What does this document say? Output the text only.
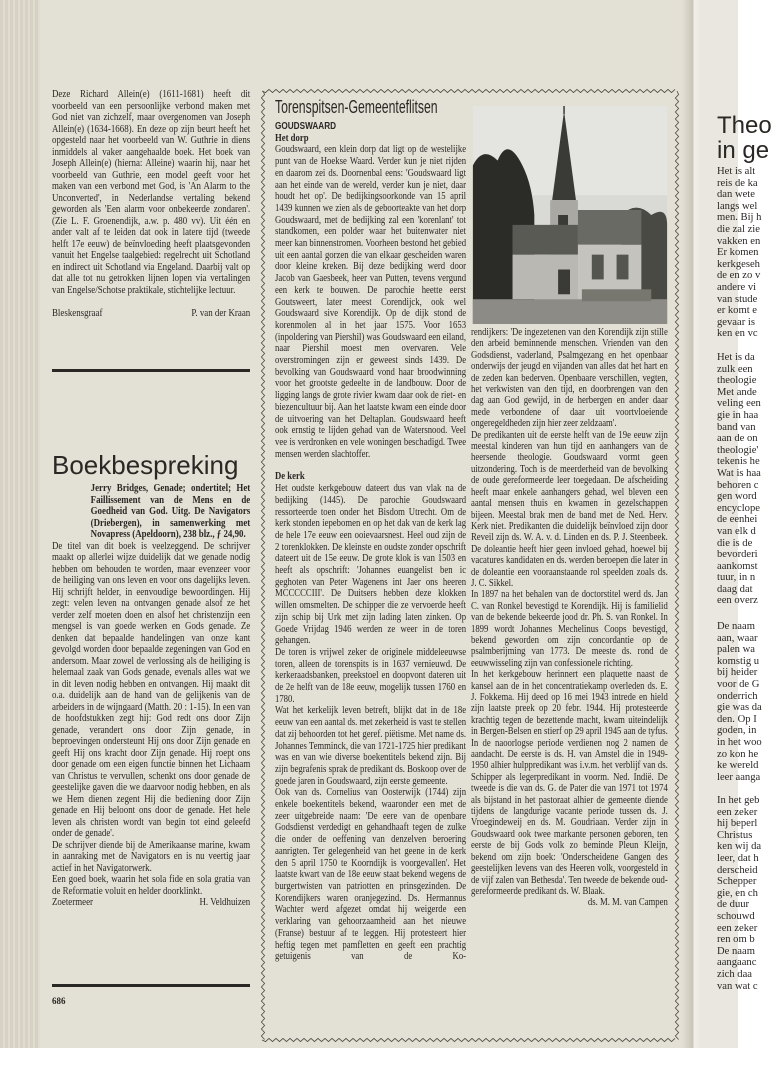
Deze Richard Allein(e) (1611-1681) heeft dit voorbeeld van een persoonlijke verbond maken met God niet van zichzelf, maar overgenomen van Joseph Allein(e) (1634-1668). En deze op zijn beurt heeft het opgesteld naar het voorbeeld van W. Guthrie in diens inmiddels al vaker aangehaalde boek. Het boek van Joseph Allein(e) (hierna: Alleine) waarin hij, naar het voorbeeld van Guthrie, een model geeft voor het maken van een verbond met God, is 'An Alarm to the Unconverted', in Nederlandse vertaling bekend geworden als 'Een alarm voor onbekeerde zondaren'. (Zie L. F. Groenendijk, a.w. p. 480 vv). Uit één en ander valt af te leiden dat ook in latere tijd (tweede helft 17e eeuw) de beïnvloeding heeft plaatsgevonden vanuit het Engelse taalgebied: regelrecht uit Schotland en indirect uit Schotland via Engeland. Daarbij valt op dat alle tot nu getrokken lijnen lopen via vertalingen van Engelse/Schotse praktikale, stichtelijke lectuur.

Bleskensgraaf	P. van der Kraan
Boekbespreking

Jerry Bridges, Genade; ondertitel; Het Faillissement van de Mens en de Goedheid van God. Uitg. De Navigators (Driebergen), in samenwerking met Novapress (Apeldoorn), 238 blz., ƒ 24,90.

De titel van dit boek is veelzeggend. De schrijver maakt op allerlei wijze duidelijk dat we genade nodig hebben om behouden te worden, maar evenzeer voor de heiliging van ons leven en voor ons dagelijks leven. Hij schrijft helder, in eenvoudige bewoordingen. Hij zegt: velen leven na ontvangen genade alsof ze het verder zelf moeten doen en alsof het christenzijn een mengsel is van goede werken en Gods genade. Ze denken dat bepaalde handelingen van onze kant gevolgd worden door bepaalde zegeningen van God en andersom. Maar zowel de verlossing als de heiliging is helemaal zaak van Gods genade, evenals alles wat we in dit leven nodig hebben en ontvangen. Hij maakt dit o.a. duidelijk aan de hand van de gelijkenis van de arbeiders in de wijngaard (Matth. 20 : 1-15). In een van de hoofdstukken zegt hij: God redt ons door Zijn genade, verandert ons door Zijn genade, in beproevingen ondersteunt Hij ons door Zijn genade en geeft Hij ons kracht door Zijn genade. Hij roept ons door genade om een eigen functie binnen het Lichaam van Christus te vervullen, schenkt ons door genade de geestelijke gaven die we daarvoor nodig hebben, en als we Hem dienen zegent Hij die bediening door Zijn genade en Hij beloont ons door de genade. Het hele leven als christen wordt van begin tot eind geleefd onder de genade'.

De schrijver diende bij de Amerikaanse marine, kwam in aanraking met de Navigators en is nu veertig jaar actief in het Navigatorwerk.

Een goed boek, waarin het sola fide en sola gratia van de Reformatie voluit en helder doorklinkt.

Zoetermeer	H. Veldhuizen
686
Torenspitsen-Gemeenteflitsen
GOUDSWAARD
Het dorp

Goudswaard, een klein dorp dat ligt op de westelijke punt van de Hoekse Waard. Verder kun je niet rijden en daarom zei ds. Doornenbal eens: 'Goudswaard ligt aan het einde van de wereld, verder kun je niet, daar houdt het op'. De bedijkingsoorkonde van 15 april 1439 kunnen we zien als de geboorteakte van het dorp Goudswaard, met de bedijking zal een 'korenlant' tot standkomen, een polder waar het buitenwater niet meer kan binnenstromen. Voorheen bestond het gebied uit een aantal gorzen die van elkaar gescheiden waren door kleine kreken. Bij deze bedijking werd door Jacob van Gaesbeek, heer van Putten, tevens vergund een kerk te bouwen. De parochie heette eerst Goutsweert, later meest Corendijck, ook wel Goudswaard sive Korendijk. Op de dijk stond de korenmolen al in het jaar 1575. Voor 1653 (inpoldering van Piershil) was Goudswaard een eiland, naar Piershil moest men overvaren. Vele overstromingen zijn er geweest sinds 1439. De bevolking van Goudswaard vond haar broodwinning voor het grootste gedeelte in de landbouw. Door de ligging langs de grote rivier kwam daar ook de riet- en biezencultuur bij. Aan het laatste kwam een einde door de uitvoering van het Deltaplan. Goudswaard heeft ook ernstig te lijden gehad van de Watersnood. Veel vee is verdronken en vele woningen beschadigd. Twee mensen werden slachtoffer.

De kerk

Het oudste kerkgebouw dateert dus van vlak na de bedijking (1445). De parochie Goudswaard ressorteerde toen onder het Bisdom Utrecht. Om de kerk stonden iepebomen en op het dak van de kerk lag de hele 17e eeuw een ooievaarsnest. Heel oud zijn de 2 torenklokken. De kleinste en oudste zonder opschrift dateert uit de 15e eeuw. De grote klok is van 1503 en heeft als opschrift: 'Johannes euangelist ben ic geghoten van Peter Wagenens int Jaer ons heeren MCCCCCIII'. De Duitsers hebben deze klokken willen omsmelten. De schipper die ze vervoerde heeft zijn schip bij Urk met zijn lading laten zinken. Op Goede Vrijdag 1946 werden ze weer in de toren gehangen.

De toren is vrijwel zeker de originele middeleeuwse toren, alleen de torenspits is in 1637 vernieuwd. De kerkeraadsbanken, preekstoel en doopvont dateren uit de 2e helft van de 18e eeuw, mogelijk tussen 1760 en 1780.

Wat het kerkelijk leven betreft, blijkt dat in de 18e eeuw van een aantal ds. met zekerheid is vast te stellen dat zij behoorden tot het geref. piëtisme. Met name ds. Johannes Temminck, die van 1721-1725 hier predikant was en van wie diverse boekentitels bekend zijn. Bij zijn begrafenis sprak de predikant ds. Boskoop over de goede jaren in Goudswaard, zijn eerste gemeente.

Ook van ds. Cornelius van Oosterwijk (1744) zijn enkele boekentitels bekend, waaronder een met de zeer uitgebreide naam: 'De eere van de openbare Godsdienst verdedigt en gehandhaaft tegen de zulke die onder de oeffening van denzelven beroering aanrigten. Ter gelegenheid van het geene in de kerk den 5 april 1750 te Koorndijk is voorgevallen'. Het laatste kwart van de 18e eeuw staat bekend wegens de burgertwisten van patriotten en prinsgezinden. De Korendijkers waren oranjegezind. Ds. Hermannus Wachter werd afgezet omdat hij weigerde een verklaring van gehoorzaamheid aan het nieuwe (Franse) bestuur af te leggen. Hij protesteert hier heftig tegen met pamfletten en geeft een prachtig getuigenis van de Ko-

rendijkers: 'De ingezetenen van den Korendijk zijn stille den arbeid beminnende menschen. Vrienden van den Godsdienst, vaderland, Psalmgezang en het openbaar onderwijs der jeugd en vijanden van alles dat het hart en de zeden kan bederven. Openbaare verschillen, vegten, het verkwisten van den tijd, en doorbrengen van den dag aan God gewijd, in de herbergen en ander daar mede verbondene of daar uit voortvloeiende ongeregeldheden zijn hier zeer zeldzaam'.

De predikanten uit de eerste helft van de 19e eeuw zijn meestal kinderen van hun tijd en aanhangers van de heersende theologie. Goudswaard vormt geen uitzondering. Toch is de meerderheid van de bevolking de oude gereformeerde leer toegedaan. De afscheiding heeft maar enkele aanhangers gehad, wel bleven een aantal mensen thuis en kwamen in gezelschappen bijeen. Meestal brak men de band met de Ned. Herv. Kerk niet. Predikanten die duidelijk beïnvloed zijn door Reveil zijn ds. W. A. v. d. Linden en ds. P. J. Steenbeek. De doleantie heeft hier geen invloed gehad, hoewel bij vacatures kandidaten en ds. werden beroepen die later in de doleantie een vooraanstaande rol speelden zoals ds. J. C. Sikkel.

In 1897 na het behalen van de doctorstitel werd ds. Jan C. van Ronkel bevestigd te Korendijk. Hij is familielid van de bekende bekeerde jood dr. Ph. S. van Ronkel. In 1899 wordt Johannes Mechelinus Coops bevestigd, bekend geworden om zijn concordantie op de psalmberijming van 1773. De meeste ds. rond de eeuwwisseling zijn van confessionele richting.

In het kerkgebouw herinnert een plaquette naast de kansel aan de in het concentratiekamp overleden ds. E. J. Fokkema. Hij deed op 16 mei 1943 intrede en hield zijn laatste preek op 20 febr. 1944. Hij protesteerde krachtig tegen de bezettende macht, kwam uiteindelijk in Bergen-Belsen en stierf op 29 april 1945 aan de tyfus. In de naoorlogse periode verdienen nog 2 namen de aandacht. De eerste is ds. H. van Amstel die in 1949-1950 alhier hulppredikant was i.v.m. het verblijf van ds. Schipper als legerpredikant in voorm. Ned. Indië. De tweede is die van ds. G. de Pater die van 1971 tot 1974 als bijstand in het pastoraat alhier de gemeente diende tijdens de langdurige vacante periode tussen ds. J. Vroegindeweij en ds. M. Goudriaan. Verder zijn in Goudswaard ook twee markante personen geboren, ten eerste de bij Gods volk zo beminde Pleun Kleijn, bekend om zijn boek: 'Onderscheidene Gangen des geestelijken levens van des Heeren volk, voorgesteld in de vijf zalen van Bethesda'. Ten tweede de bekende oud-gereformeerde predikant ds. W. Blaak.

ds. M. M. van Campen
Theo
in ge
Het is alt
reis de ka
dan wete
langs wel
men. Bij h
die zal zie
vakken en
Er komen
kerkgeseh
de en zo v
andere vi
van stude
er komt e
gevaar is
ken en vc
Het is da
zulk een
theologie
Met ande
veling een
gie in haa
band van
aan de on
theologie'
tekenis he
Wat is haa
behoren c
gen word
encyclope
de eenhei
van elk d
die is de
bevorderi
aankomst
tuur, in n
daag dat
een overz
De naam
aan, waar
palen wa
komstig u
bij heider
voor de G
onderrich
gie was da
den. Op I
goden, in
in het woo
zo kon he
ke wereld
leer aanga
In het geb
een zeker
hij beperl
Christus
ken wij da
leer, dat h
derscheid
Schepper
gie, en ch
de duur
schouwd
een zeker
ren om b
De naam
aangaanc
zich daa
van wat c
